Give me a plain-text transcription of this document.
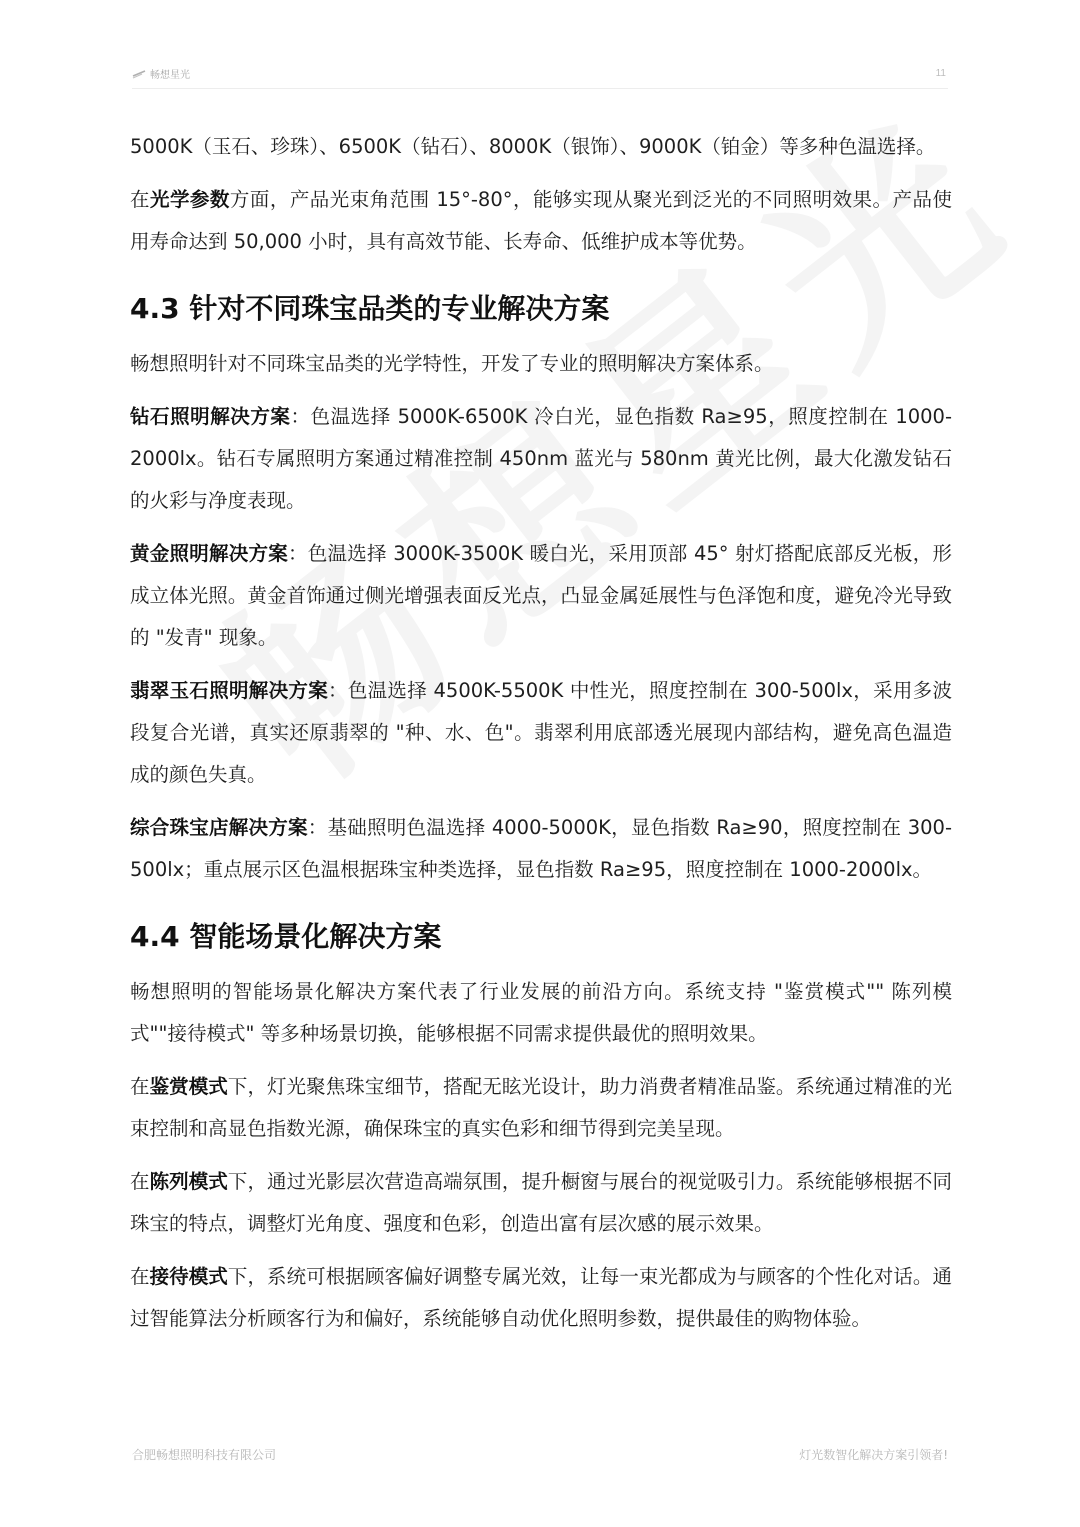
畅想星光	11

5000K（玉石、珍珠）、6500K（钻石）、8000K（银饰）、9000K（铂金）等多种色温选择。

在光学参数方面，产品光束角范围 15°-80°，能够实现从聚光到泛光的不同照明效果。产品使用寿命达到 50,000 小时，具有高效节能、长寿命、低维护成本等优势。

4.3 针对不同珠宝品类的专业解决方案

畅想照明针对不同珠宝品类的光学特性，开发了专业的照明解决方案体系。

钻石照明解决方案：色温选择 5000K-6500K 冷白光，显色指数 Ra≥95，照度控制在 1000-2000lx。钻石专属照明方案通过精准控制 450nm 蓝光与 580nm 黄光比例，最大化激发钻石的火彩与净度表现。

黄金照明解决方案：色温选择 3000K-3500K 暖白光，采用顶部 45° 射灯搭配底部反光板，形成立体光照。黄金首饰通过侧光增强表面反光点，凸显金属延展性与色泽饱和度，避免冷光导致的 "发青" 现象。

翡翠玉石照明解决方案：色温选择 4500K-5500K 中性光，照度控制在 300-500lx，采用多波段复合光谱，真实还原翡翠的 "种、水、色"。翡翠利用底部透光展现内部结构，避免高色温造成的颜色失真。

综合珠宝店解决方案：基础照明色温选择 4000-5000K，显色指数 Ra≥90，照度控制在 300-500lx；重点展示区色温根据珠宝种类选择，显色指数 Ra≥95，照度控制在 1000-2000lx。

4.4 智能场景化解决方案

畅想照明的智能场景化解决方案代表了行业发展的前沿方向。系统支持 "鉴赏模式"" 陈列模式""接待模式" 等多种场景切换，能够根据不同需求提供最优的照明效果。

在鉴赏模式下，灯光聚焦珠宝细节，搭配无眩光设计，助力消费者精准品鉴。系统通过精准的光束控制和高显色指数光源，确保珠宝的真实色彩和细节得到完美呈现。

在陈列模式下，通过光影层次营造高端氛围，提升橱窗与展台的视觉吸引力。系统能够根据不同珠宝的特点，调整灯光角度、强度和色彩，创造出富有层次感的展示效果。

在接待模式下，系统可根据顾客偏好调整专属光效，让每一束光都成为与顾客的个性化对话。通过智能算法分析顾客行为和偏好，系统能够自动优化照明参数，提供最佳的购物体验。

合肥畅想照明科技有限公司	灯光数智化解决方案引领者!
